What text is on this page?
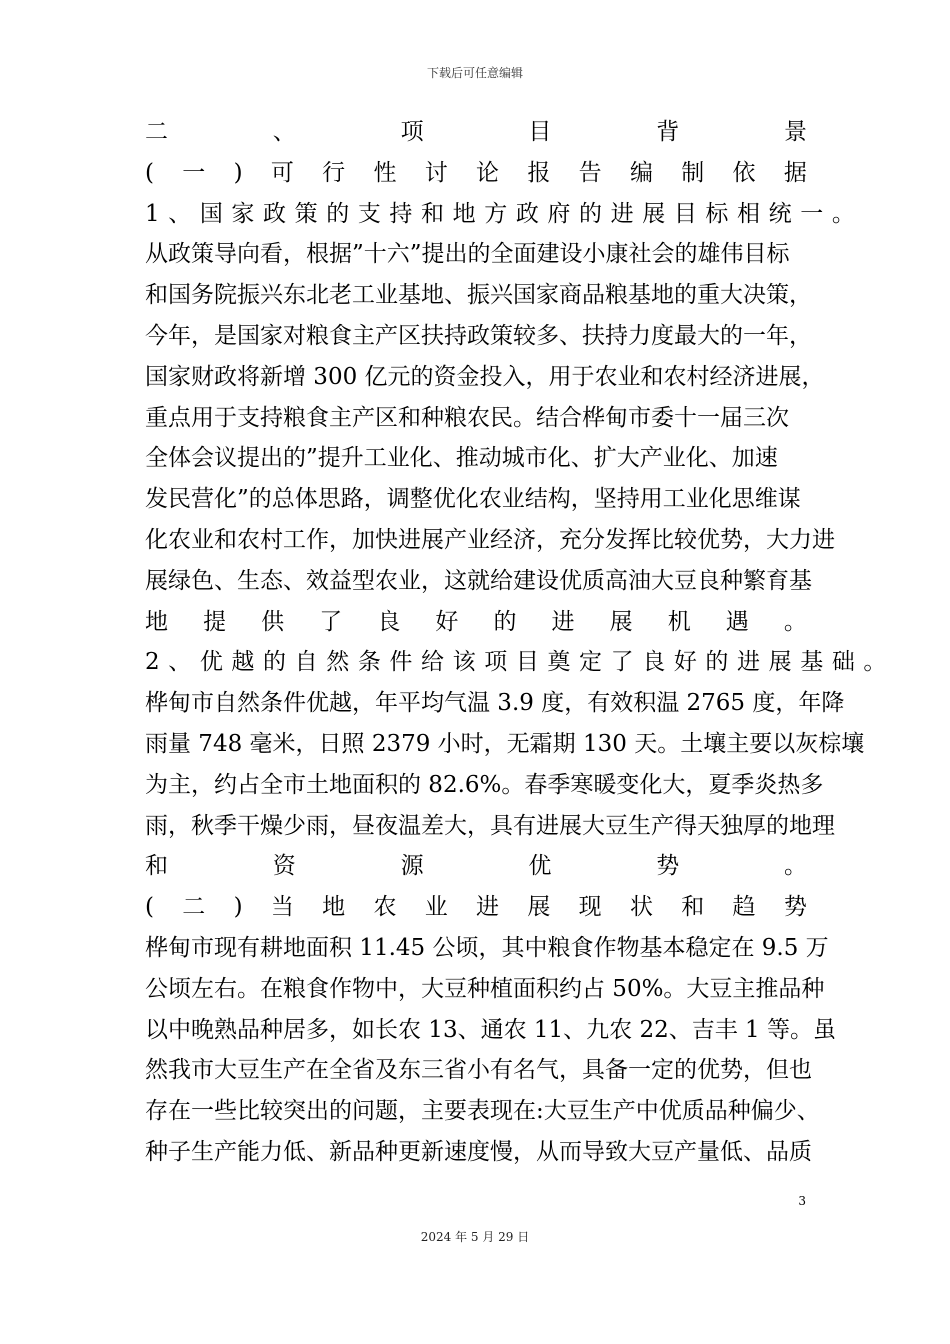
下载后可任意编辑
二	、	项	目	背	景
( 一 ) 可 行 性 讨 论 报 告 编 制 依 据
1、国家政策的支持和地方政府的进展目标相统一。
从政策导向看，根据”十六”提出的全面建设小康社会的雄伟目标
和国务院振兴东北老工业基地、振兴国家商品粮基地的重大决策，
今年，是国家对粮食主产区扶持政策较多、扶持力度最大的一年，
国家财政将新增 300 亿元的资金投入，用于农业和农村经济进展，
重点用于支持粮食主产区和种粮农民。结合桦甸市委十一届三次
全体会议提出的”提升工业化、推动城市化、扩大产业化、加速
发民营化”的总体思路，调整优化农业结构，坚持用工业化思维谋
化农业和农村工作，加快进展产业经济，充分发挥比较优势，大力进
展绿色、生态、效益型农业，这就给建设优质高油大豆良种繁育基
地 提 供 了 良 好 的 进 展 机 遇 。
2、优越的自然条件给该项目奠定了良好的进展基础。
桦甸市自然条件优越，年平均气温 3.9 度，有效积温 2765 度，年降
雨量 748 毫米，日照 2379 小时，无霜期 130 天。土壤主要以灰棕壤
为主，约占全市土地面积的 82.6%。春季寒暖变化大，夏季炎热多
雨，秋季干燥少雨，昼夜温差大，具有进展大豆生产得天独厚的地理
和	资	源	优	势	。
( 二 ) 当 地 农 业 进 展 现 状 和 趋 势
桦甸市现有耕地面积 11.45 公顷，其中粮食作物基本稳定在 9.5 万
公顷左右。在粮食作物中，大豆种植面积约占 50%。大豆主推品种
以中晚熟品种居多，如长农 13、通农 11、九农 22、吉丰 1 等。虽
然我市大豆生产在全省及东三省小有名气，具备一定的优势，但也
存在一些比较突出的问题，主要表现在:大豆生产中优质品种偏少、
种子生产能力低、新品种更新速度慢，从而导致大豆产量低、品质
3
2024 年 5 月 29 日
